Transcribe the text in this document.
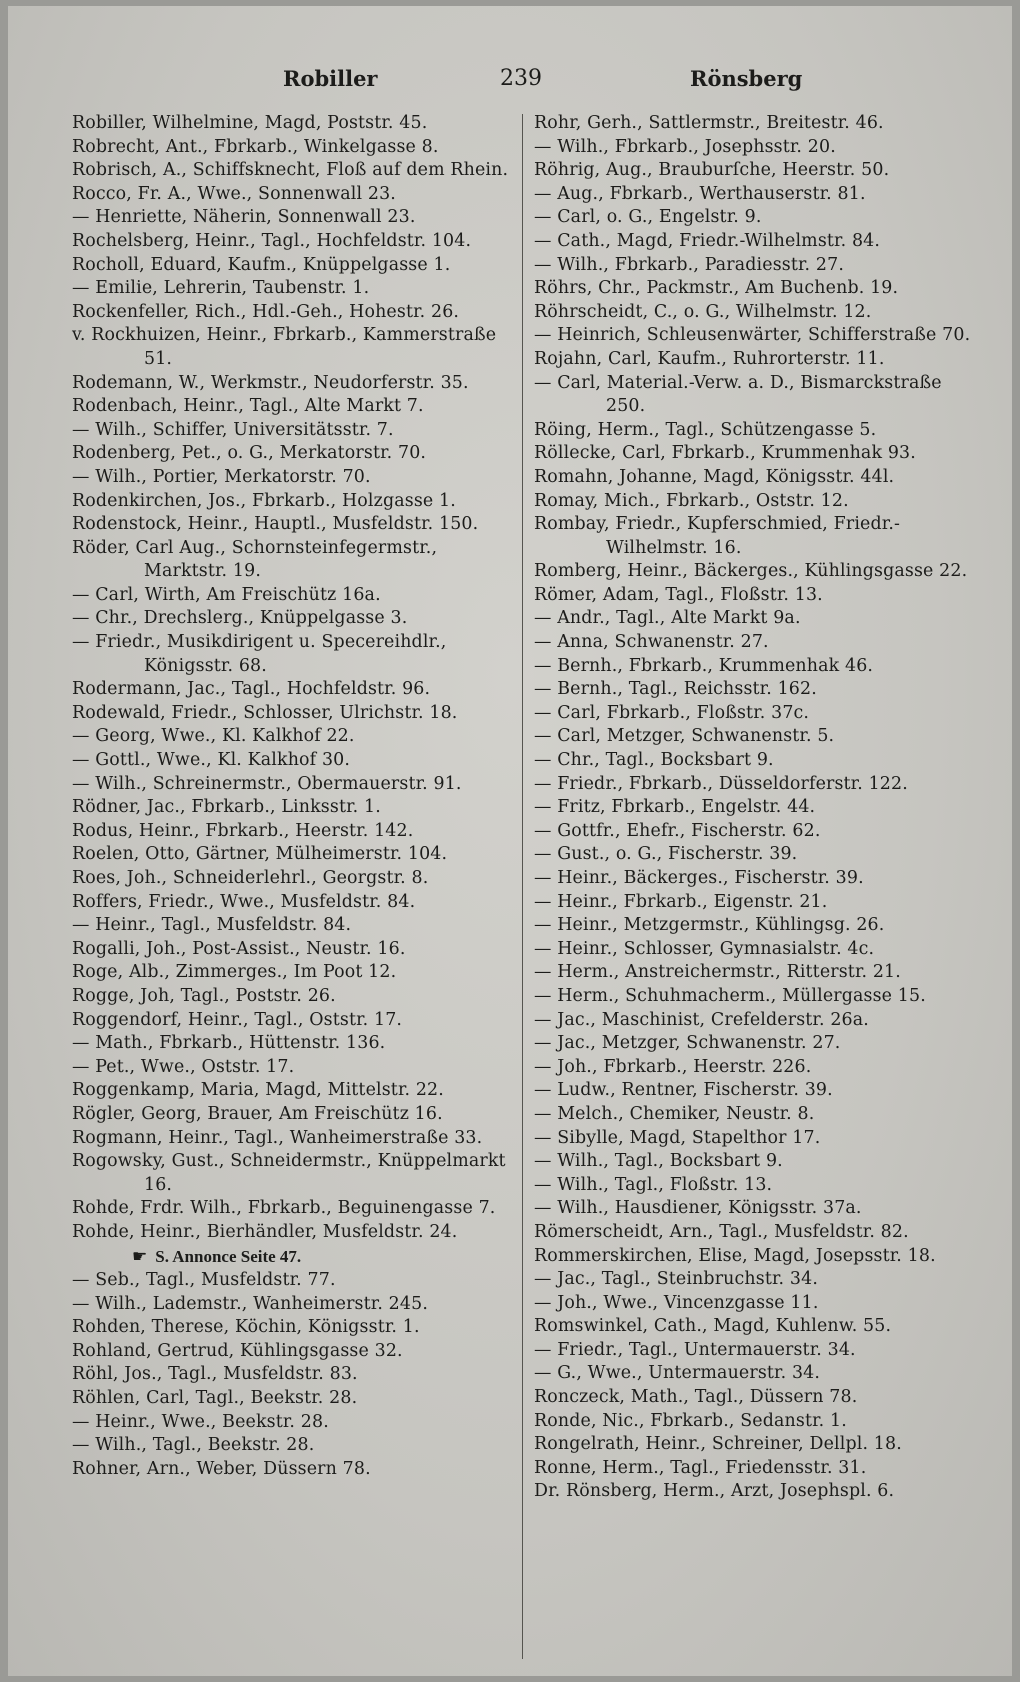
Robiller	239	Rönsberg
Robiller, Wilhelmine, Magd, Poststr. 45.
Robrecht, Ant., Fbrkarb., Winkelgasse 8.
Robrisch, A., Schiffsknecht, Floß auf dem Rhein.
Rocco, Fr. A., Wwe., Sonnenwall 23.
— Henriette, Näherin, Sonnenwall 23.
Rochelsberg, Heinr., Tagl., Hochfeldstr. 104.
Rocholl, Eduard, Kaufm., Knüppelgasse 1.
— Emilie, Lehrerin, Taubenstr. 1.
Rockenfeller, Rich., Hdl.-Geh., Hohestr. 26.
v. Rockhuizen, Heinr., Fbrkarb., Kammerstraße 51.
Rodemann, W., Werkmstr., Neudorferstr. 35.
Rodenbach, Heinr., Tagl., Alte Markt 7.
— Wilh., Schiffer, Universitätsstr. 7.
Rodenberg, Pet., o. G., Merkatorstr. 70.
— Wilh., Portier, Merkatorstr. 70.
Rodenkirchen, Jos., Fbrkarb., Holzgasse 1.
Rodenstock, Heinr., Hauptl., Musfeldstr. 150.
Röder, Carl Aug., Schornsteinfegermstr., Marktstr. 19.
— Carl, Wirth, Am Freischütz 16a.
— Chr., Drechslerg., Knüppelgasse 3.
— Friedr., Musikdirigent u. Specereihdlr., Königsstr. 68.
Rodermann, Jac., Tagl., Hochfeldstr. 96.
Rodewald, Friedr., Schlosser, Ulrichstr. 18.
— Georg, Wwe., Kl. Kalkhof 22.
— Gottl., Wwe., Kl. Kalkhof 30.
— Wilh., Schreinermstr., Obermauerstr. 91.
Rödner, Jac., Fbrkarb., Linksstr. 1.
Rodus, Heinr., Fbrkarb., Heerstr. 142.
Roelen, Otto, Gärtner, Mülheimerstr. 104.
Roes, Joh., Schneiderlehrl., Georgstr. 8.
Roffers, Friedr., Wwe., Musfeldstr. 84.
— Heinr., Tagl., Musfeldstr. 84.
Rogalli, Joh., Post-Assist., Neustr. 16.
Roge, Alb., Zimmerges., Im Poot 12.
Rogge, Joh, Tagl., Poststr. 26.
Roggendorf, Heinr., Tagl., Oststr. 17.
— Math., Fbrkarb., Hüttenstr. 136.
— Pet., Wwe., Oststr. 17.
Roggenkamp, Maria, Magd, Mittelstr. 22.
Rögler, Georg, Brauer, Am Freischütz 16.
Rogmann, Heinr., Tagl., Wanheimerstraße 33.
Rogowsky, Gust., Schneidermstr., Knüppelmarkt 16.
Rohde, Frdr. Wilh., Fbrkarb., Beguinengasse 7.
Rohde, Heinr., Bierhändler, Musfeldstr. 24.
☛ S. Annonce Seite 47.
— Seb., Tagl., Musfeldstr. 77.
— Wilh., Lademstr., Wanheimerstr. 245.
Rohden, Therese, Köchin, Königsstr. 1.
Rohland, Gertrud, Kühlingsgasse 32.
Röhl, Jos., Tagl., Musfeldstr. 83.
Röhlen, Carl, Tagl., Beekstr. 28.
— Heinr., Wwe., Beekstr. 28.
— Wilh., Tagl., Beekstr. 28.
Rohner, Arn., Weber, Düssern 78.
Rohr, Gerh., Sattlermstr., Breitestr. 46.
— Wilh., Fbrkarb., Josephsstr. 20.
Röhrig, Aug., Brauburſche, Heerstr. 50.
— Aug., Fbrkarb., Werthauserstr. 81.
— Carl, o. G., Engelstr. 9.
— Cath., Magd, Friedr.-Wilhelmstr. 84.
— Wilh., Fbrkarb., Paradiesstr. 27.
Röhrs, Chr., Packmstr., Am Buchenb. 19.
Röhrscheidt, C., o. G., Wilhelmstr. 12.
— Heinrich, Schleusenwärter, Schifferstraße 70.
Rojahn, Carl, Kaufm., Ruhrorterstr. 11.
— Carl, Material.-Verw. a. D., Bismarckstraße 250.
Röing, Herm., Tagl., Schützengasse 5.
Röllecke, Carl, Fbrkarb., Krummenhak 93.
Romahn, Johanne, Magd, Königsstr. 44l.
Romay, Mich., Fbrkarb., Oststr. 12.
Rombay, Friedr., Kupferschmied, Friedr.-Wilhelmstr. 16.
Romberg, Heinr., Bäckerges., Kühlingsgasse 22.
Römer, Adam, Tagl., Floßstr. 13.
— Andr., Tagl., Alte Markt 9a.
— Anna, Schwanenstr. 27.
— Bernh., Fbrkarb., Krummenhak 46.
— Bernh., Tagl., Reichsstr. 162.
— Carl, Fbrkarb., Floßstr. 37c.
— Carl, Metzger, Schwanenstr. 5.
— Chr., Tagl., Bocksbart 9.
— Friedr., Fbrkarb., Düsseldorferstr. 122.
— Fritz, Fbrkarb., Engelstr. 44.
— Gottfr., Ehefr., Fischerstr. 62.
— Gust., o. G., Fischerstr. 39.
— Heinr., Bäckerges., Fischerstr. 39.
— Heinr., Fbrkarb., Eigenstr. 21.
— Heinr., Metzgermstr., Kühlingsg. 26.
— Heinr., Schlosser, Gymnasialstr. 4c.
— Herm., Anstreichermstr., Ritterstr. 21.
— Herm., Schuhmacherm., Müllergasse 15.
— Jac., Maschinist, Crefelderstr. 26a.
— Jac., Metzger, Schwanenstr. 27.
— Joh., Fbrkarb., Heerstr. 226.
— Ludw., Rentner, Fischerstr. 39.
— Melch., Chemiker, Neustr. 8.
— Sibylle, Magd, Stapelthor 17.
— Wilh., Tagl., Bocksbart 9.
— Wilh., Tagl., Floßstr. 13.
— Wilh., Hausdiener, Königsstr. 37a.
Römerscheidt, Arn., Tagl., Musfeldstr. 82.
Rommerskirchen, Elise, Magd, Josepsstr. 18.
— Jac., Tagl., Steinbruchstr. 34.
— Joh., Wwe., Vincenzgasse 11.
Romswinkel, Cath., Magd, Kuhlenw. 55.
— Friedr., Tagl., Untermauerstr. 34.
— G., Wwe., Untermauerstr. 34.
Ronczeck, Math., Tagl., Düssern 78.
Ronde, Nic., Fbrkarb., Sedanstr. 1.
Rongelrath, Heinr., Schreiner, Dellpl. 18.
Ronne, Herm., Tagl., Friedensstr. 31.
Dr. Rönsberg, Herm., Arzt, Josephspl. 6.
